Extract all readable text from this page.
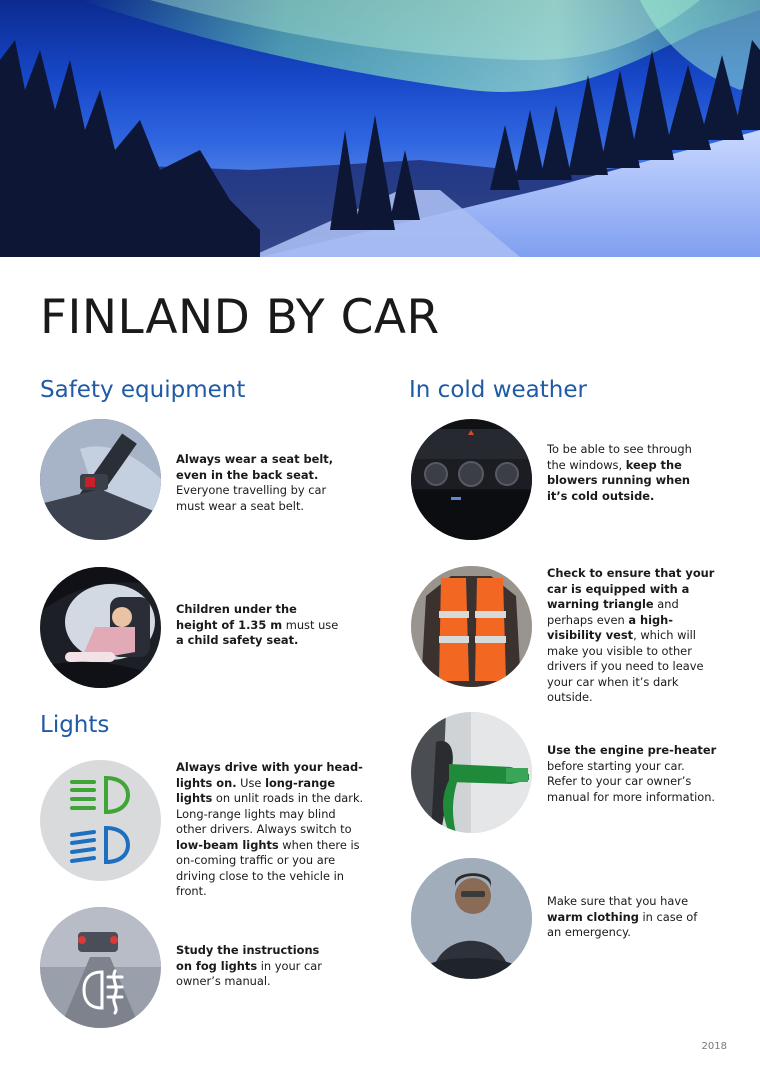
FINLAND BY CAR
Safety equipment	In cold weather
Lights
Always wear a seat belt, even in the back seat. Everyone travelling by car must wear a seat belt.
Children under the height of 1.35 m must use a child safety seat.
Always drive with your head-lights on. Use long-range lights on unlit roads in the dark. Long-range lights may blind other drivers. Always switch to low-beam lights when there is on-coming traffic or you are driving close to the vehicle in front.
Study the instructions on fog lights in your car owner’s manual.
To be able to see through the windows, keep the blowers running when it’s cold outside.
Check to ensure that your car is equipped with a warning triangle and perhaps even a high-visibility vest, which will make you visible to other drivers if you need to leave your car when it’s dark outside.
Use the engine pre-heater before starting your car. Refer to your car owner’s manual for more information.
Make sure that you have warm clothing in case of an emergency.
2018
